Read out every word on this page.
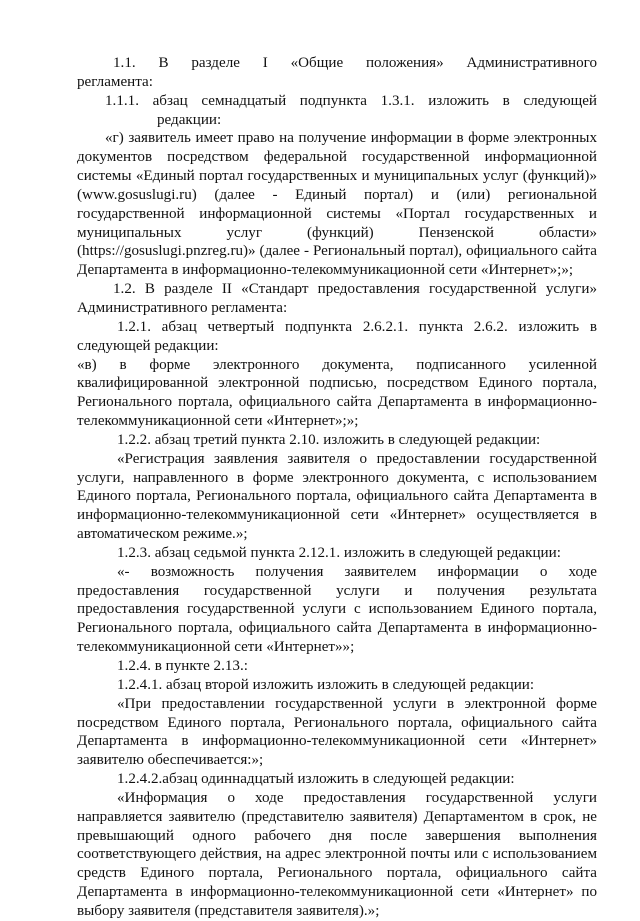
1.1. В разделе I «Общие положения» Административного
регламента:
1.1.1. абзац семнадцатый подпункта 1.3.1. изложить в следующей
редакции:
«г) заявитель имеет право на получение информации в форме электронных
документов посредством федеральной государственной информационной
системы «Единый портал государственных и муниципальных услуг (функций)»
(www.gosuslugi.ru) (далее - Единый портал) и (или) региональной
государственной информационной системы «Портал государственных и
муниципальных услуг (функций) Пензенской области»
(https://gosuslugi.pnzreg.ru)» (далее - Региональный портал), официального сайта
Департамента в информационно-телекоммуникационной сети «Интернет»;»;
1.2. В разделе II «Стандарт предоставления государственной услуги»
Административного регламента:
1.2.1. абзац четвертый подпункта 2.6.2.1. пункта 2.6.2. изложить в
следующей редакции:
«в) в форме электронного документа, подписанного усиленной
квалифицированной электронной подписью, посредством Единого портала,
Регионального портала, официального сайта Департамента в информационно-
телекоммуникационной сети «Интернет»;»;
1.2.2. абзац третий пункта 2.10. изложить в следующей редакции:
«Регистрация заявления заявителя о предоставлении государственной
услуги, направленного в форме электронного документа, с использованием
Единого портала, Регионального портала, официального сайта Департамента в
информационно-телекоммуникационной сети «Интернет» осуществляется в
автоматическом режиме.»;
1.2.3. абзац седьмой пункта 2.12.1. изложить в следующей редакции:
«- возможность получения заявителем информации о ходе
предоставления государственной услуги и получения результата
предоставления государственной услуги с использованием Единого портала,
Регионального портала, официального сайта Департамента в информационно-
телекоммуникационной сети «Интернет»»;
1.2.4. в пункте 2.13.:
1.2.4.1. абзац второй изложить изложить в следующей редакции:
«При предоставлении государственной услуги в электронной форме
посредством Единого портала, Регионального портала, официального сайта
Департамента в информационно-телекоммуникационной сети «Интернет»
заявителю обеспечивается:»;
1.2.4.2.абзац одиннадцатый изложить в следующей редакции:
«Информация о ходе предоставления государственной услуги
направляется заявителю (представителю заявителя) Департаментом в срок, не
превышающий одного рабочего дня после завершения выполнения
соответствующего действия, на адрес электронной почты или с использованием
средств Единого портала, Регионального портала, официального сайта
Департамента в информационно-телекоммуникационной сети «Интернет» по
выбору заявителя (представителя заявителя).»;
